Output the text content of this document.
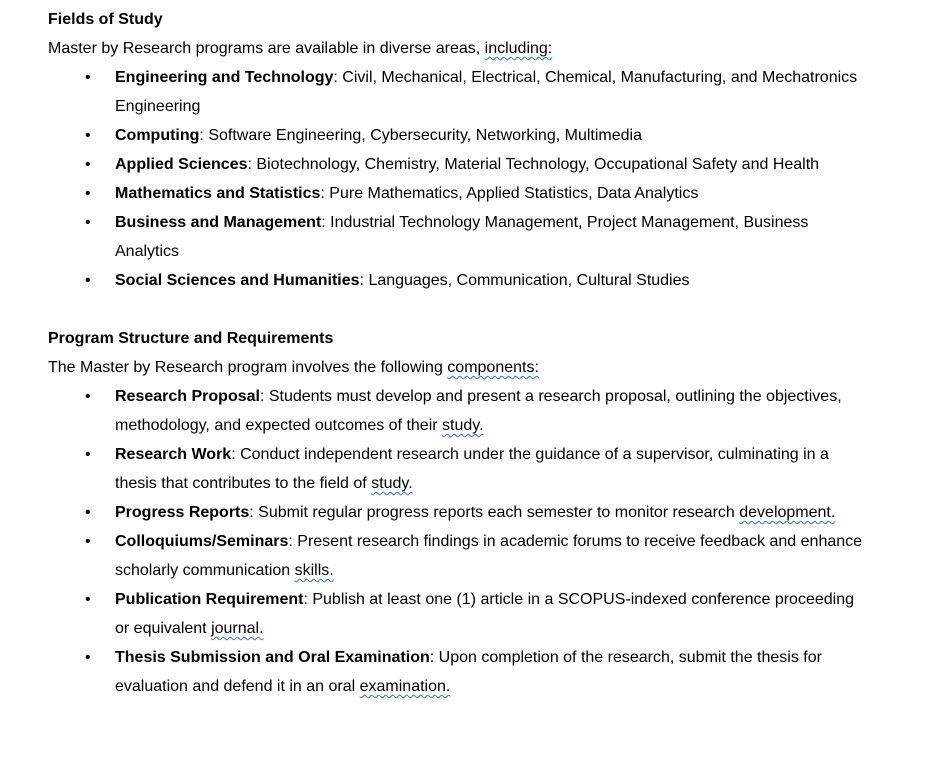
Fields of Study

Master by Research programs are available in diverse areas, including:

• Engineering and Technology: Civil, Mechanical, Electrical, Chemical, Manufacturing, and Mechatronics Engineering
• Computing: Software Engineering, Cybersecurity, Networking, Multimedia
• Applied Sciences: Biotechnology, Chemistry, Material Technology, Occupational Safety and Health
• Mathematics and Statistics: Pure Mathematics, Applied Statistics, Data Analytics
• Business and Management: Industrial Technology Management, Project Management, Business Analytics
• Social Sciences and Humanities: Languages, Communication, Cultural Studies
Program Structure and Requirements

The Master by Research program involves the following components:

• Research Proposal: Students must develop and present a research proposal, outlining the objectives, methodology, and expected outcomes of their study.
• Research Work: Conduct independent research under the guidance of a supervisor, culminating in a thesis that contributes to the field of study.
• Progress Reports: Submit regular progress reports each semester to monitor research development.
• Colloquiums/Seminars: Present research findings in academic forums to receive feedback and enhance scholarly communication skills.
• Publication Requirement: Publish at least one (1) article in a SCOPUS-indexed conference proceeding or equivalent journal.
• Thesis Submission and Oral Examination: Upon completion of the research, submit the thesis for evaluation and defend it in an oral examination.
